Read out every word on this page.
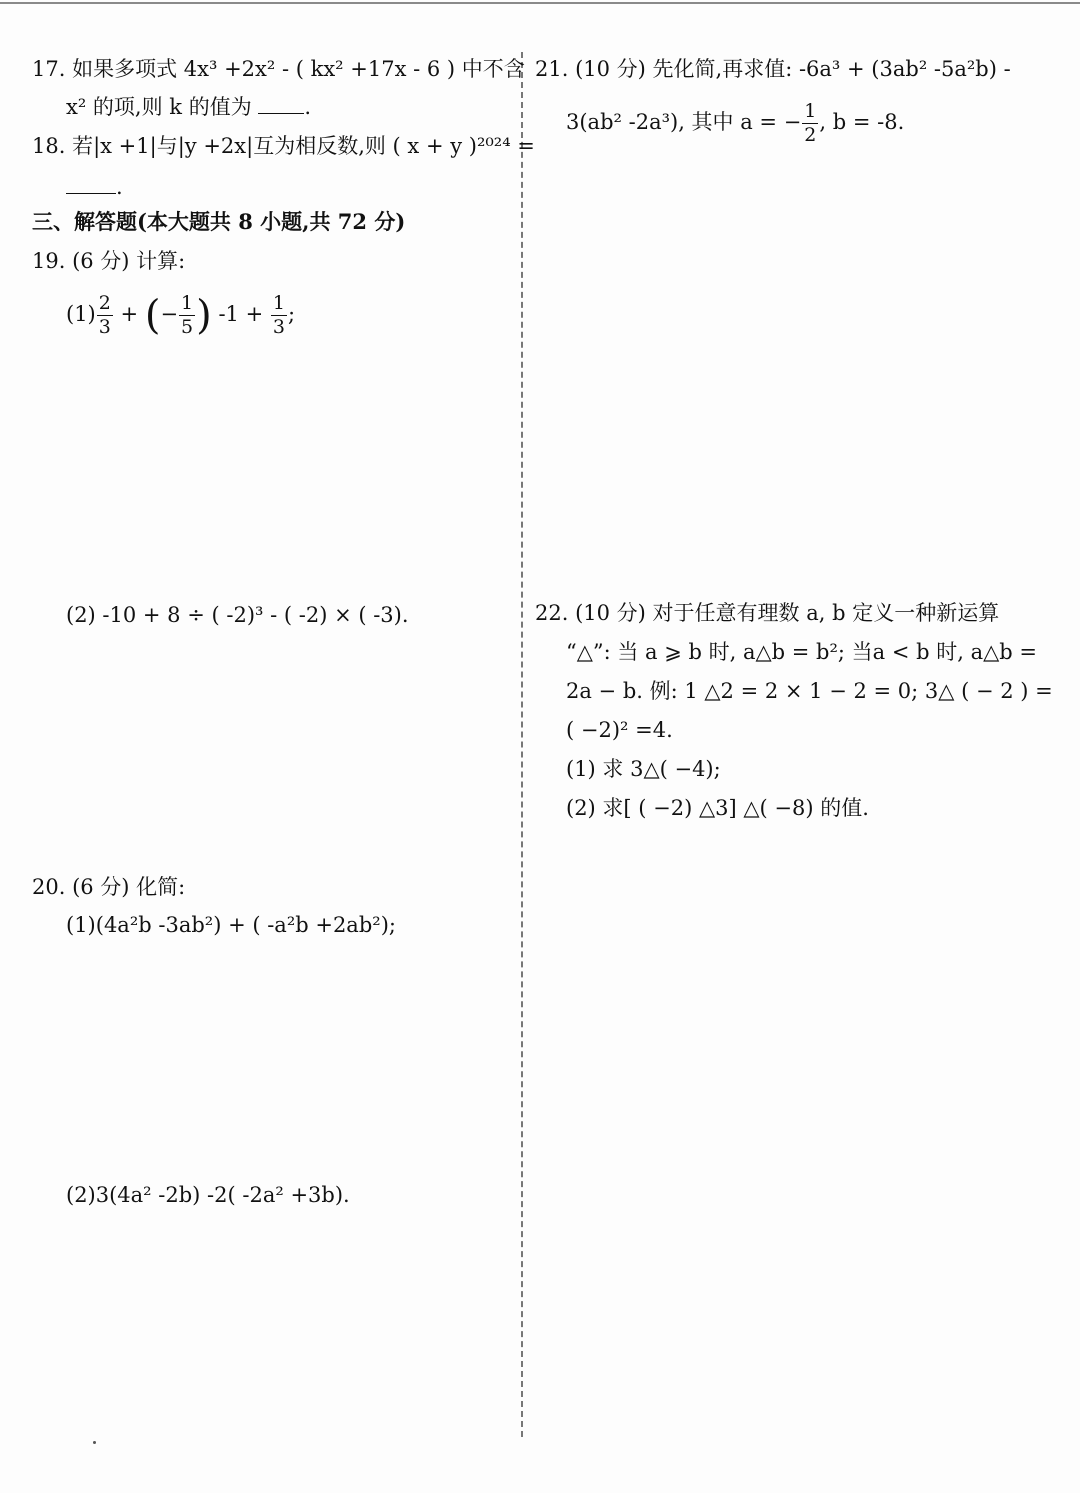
17. 如果多项式 4x³ +2x² - ( kx² +17x - 6 ) 中不含
x² 的项,则 k 的值为	.
18. 若|x +1|与|y +2x|互为相反数,则 ( x + y )²⁰²⁴ =
.
三、解答题(本大题共 8 小题,共 72 分)
19. (6 分) 计算:
$(1) \frac{2}{3}$ + (− $\frac{1}{5}$ ) $-1 + \frac{1}{3}$ ;
(2) -10 + 8 ÷ ( -2)³ - ( -2) × ( -3).
20. (6 分) 化简:
(1)(4a²b -3ab²) + ( -a²b +2ab²);
(2)3(4a² -2b) -2( -2a² +3b).
21. (10 分) 先化简,再求值: -6a³ + (3ab² -5a²b) -
3(ab² -2a³), 其中 a = − $\frac{1}{2}$ , b = -8.
22. (10 分) 对于任意有理数 a, b 定义一种新运算
“△”: 当 a ⩾ b 时, a△b = b²; 当a < b 时, a△b =
2a − b. 例: 1 △2 = 2 × 1 − 2 = 0; 3△ ( − 2 ) =
( −2)² =4.
(1) 求 3△( −4);
(2) 求[ ( −2) △3] △( −8) 的值.
